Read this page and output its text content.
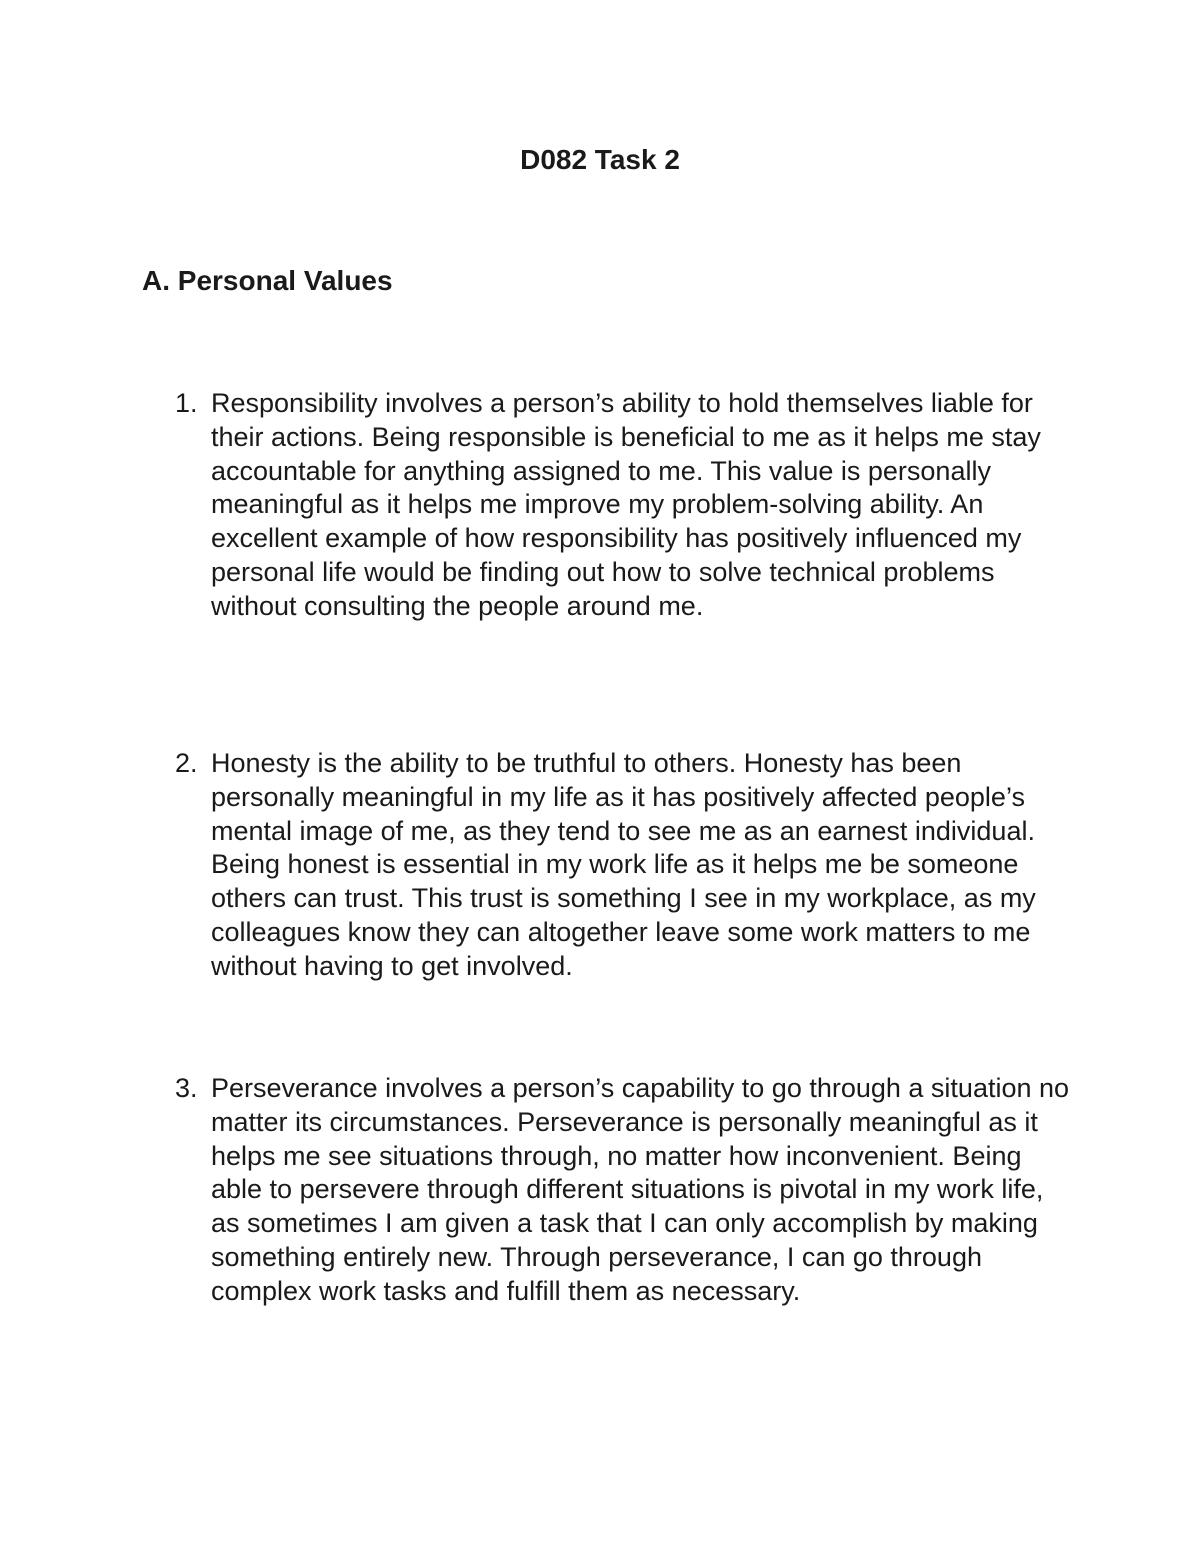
D082 Task 2
A. Personal Values
1. Responsibility involves a person’s ability to hold themselves liable for their actions. Being responsible is beneficial to me as it helps me stay accountable for anything assigned to me. This value is personally meaningful as it helps me improve my problem-solving ability. An excellent example of how responsibility has positively influenced my personal life would be finding out how to solve technical problems without consulting the people around me.
2. Honesty is the ability to be truthful to others. Honesty has been personally meaningful in my life as it has positively affected people’s mental image of me, as they tend to see me as an earnest individual. Being honest is essential in my work life as it helps me be someone others can trust. This trust is something I see in my workplace, as my colleagues know they can altogether leave some work matters to me without having to get involved.
3. Perseverance involves a person’s capability to go through a situation no matter its circumstances. Perseverance is personally meaningful as it helps me see situations through, no matter how inconvenient. Being able to persevere through different situations is pivotal in my work life, as sometimes I am given a task that I can only accomplish by making something entirely new. Through perseverance, I can go through complex work tasks and fulfill them as necessary.
